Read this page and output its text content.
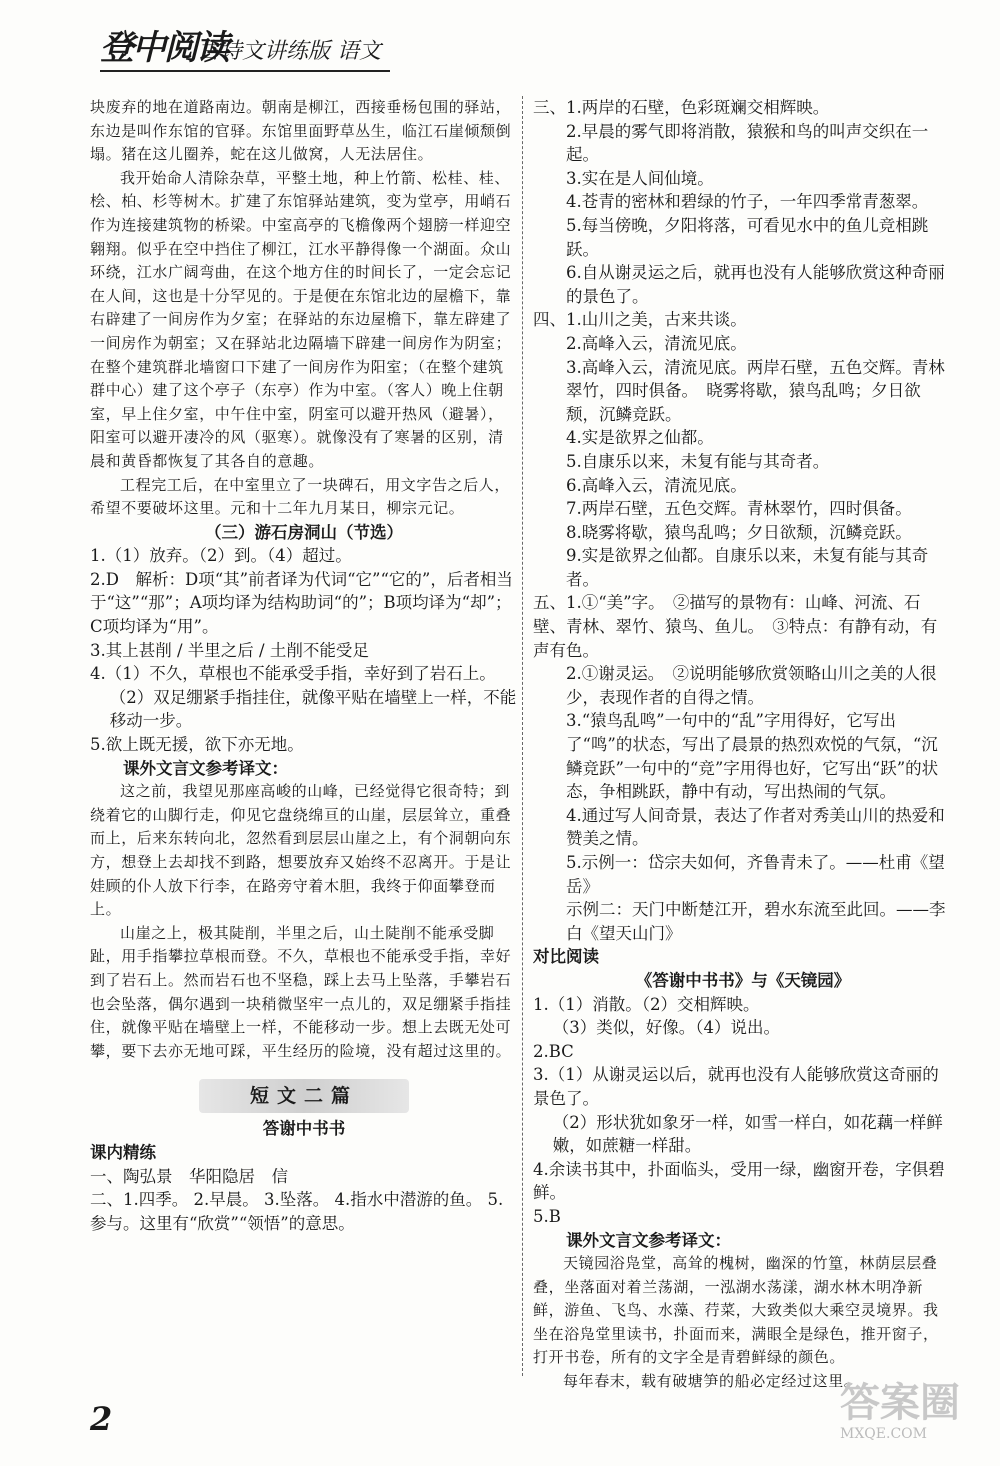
登中阅读
古诗文讲练版 语文
块废弃的地在道路南边。朝南是柳江，西接垂杨包围的驿站，东边是叫作东馆的官驿。东馆里面野草丛生，临江石崖倾颓倒塌。猪在这儿圈养，蛇在这儿做窝，人无法居住。
我开始命人清除杂草，平整土地，种上竹箭、松桂、桂、桧、柏、杉等树木。扩建了东馆驿站建筑，变为堂亭，用峭石作为连接建筑物的桥梁。中室高亭的飞檐像两个翅膀一样迎空翱翔。似乎在空中挡住了柳江，江水平静得像一个湖面。众山环绕，江水广阔弯曲，在这个地方住的时间长了，一定会忘记在人间，这也是十分罕见的。于是便在东馆北边的屋檐下，靠右辟建了一间房作为夕室；在驿站的东边屋檐下，靠左辟建了一间房作为朝室；又在驿站北边隔墙下辟建一间房作为阴室；在整个建筑群北墙窗口下建了一间房作为阳室；（在整个建筑群中心）建了这个亭子（东亭）作为中室。（客人）晚上住朝室，早上住夕室，中午住中室，阴室可以避开热风（避暑），阳室可以避开凄冷的风（驱寒）。就像没有了寒暑的区别，清晨和黄昏都恢复了其各自的意趣。
工程完工后，在中室里立了一块碑石，用文字告之后人，希望不要破坏这里。元和十二年九月某日，柳宗元记。
（三）游石房洞山（节选）
1.（1）放弃。（2）到。（4）超过。
2.D　解析：D项“其”前者译为代词“它”“它的”，后者相当于“这”“那”；A项均译为结构助词“的”；B项均译为“却”；C项均译为“用”。
3.其上甚削 / 半里之后 / 土削不能受足
4.（1）不久，草根也不能承受手指，幸好到了岩石上。
（2）双足绷紧手指挂住，就像平贴在墙壁上一样，不能移动一步。
5.欲上既无援，欲下亦无地。
课外文言文参考译文：
这之前，我望见那座高峻的山峰，已经觉得它很奇特；到绕着它的山脚行走，仰见它盘绕绵亘的山崖，层层耸立，重叠而上，后来东转向北，忽然看到层层山崖之上，有个洞朝向东方，想登上去却找不到路，想要放弃又始终不忍离开。于是让娃顾的仆人放下行李，在路旁守着木胆，我终于仰面攀登而上。
山崖之上，极其陡削，半里之后，山土陡削不能承受脚趾，用手指攀拉草根而登。不久，草根也不能承受手指，幸好到了岩石上。然而岩石也不坚稳，踩上去马上坠落，手攀岩石也会坠落，偶尔遇到一块稍微坚牢一点儿的，双足绷紧手指挂住，就像平贴在墙壁上一样，不能移动一步。想上去既无处可攀，要下去亦无地可踩，平生经历的险境，没有超过这里的。
短文二篇
答谢中书书
课内精练
一、陶弘景　华阳隐居　信
二、1.四季。 2.早晨。 3.坠落。 4.指水中潜游的鱼。 5.参与。这里有“欣赏”“领悟”的意思。
三、1.两岸的石壁，色彩斑斓交相辉映。
2.早晨的雾气即将消散，猿猴和鸟的叫声交织在一起。
3.实在是人间仙境。
4.苍青的密林和碧绿的竹子，一年四季常青葱翠。
5.每当傍晚，夕阳将落，可看见水中的鱼儿竞相跳跃。
6.自从谢灵运之后，就再也没有人能够欣赏这种奇丽的景色了。
四、1.山川之美，古来共谈。
2.高峰入云，清流见底。
3.高峰入云，清流见底。两岸石壁，五色交辉。青林翠竹，四时俱备。　晓雾将歇，猿鸟乱鸣；夕日欲颓，沉鳞竞跃。
4.实是欲界之仙都。
5.自康乐以来，未复有能与其奇者。
6.高峰入云，清流见底。
7.两岸石壁，五色交辉。青林翠竹，四时俱备。
8.晓雾将歇，猿鸟乱鸣；夕日欲颓，沉鳞竞跃。
9.实是欲界之仙都。自康乐以来，未复有能与其奇者。
五、1.①“美”字。　②描写的景物有：山峰、河流、石壁、青林、翠竹、猿鸟、鱼儿。　③特点：有静有动，有声有色。
2.①谢灵运。　②说明能够欣赏领略山川之美的人很少，表现作者的自得之情。
3.“猿鸟乱鸣”一句中的“乱”字用得好，它写出了“鸣”的状态，写出了晨景的热烈欢悦的气氛，“沉鳞竞跃”一句中的“竞”字用得也好，它写出“跃”的状态，争相跳跃，静中有动，写出热闹的气氛。
4.通过写人间奇景，表达了作者对秀美山川的热爱和赞美之情。
5.示例一：岱宗夫如何，齐鲁青未了。——杜甫《望岳》
示例二：天门中断楚江开，碧水东流至此回。——李白《望天山门》
对比阅读
《答谢中书书》与《天镜园》
1.（1）消散。（2）交相辉映。
（3）类似，好像。（4）说出。
2.BC
3.（1）从谢灵运以后，就再也没有人能够欣赏这奇丽的景色了。
（2）形状犹如象牙一样，如雪一样白，如花藕一样鲜嫩，如蔗糖一样甜。
4.余读书其中，扑面临头，受用一绿，幽窗开卷，字俱碧鲜。
5.B
课外文言文参考译文：
天镜园浴凫堂，高耸的槐树，幽深的竹篁，林荫层层叠叠，坐落面对着兰荡湖，一泓湖水荡漾，湖水林木明净新鲜，游鱼、飞鸟、水藻、荇菜，大致类似大乘空灵境界。我坐在浴凫堂里读书，扑面而来，满眼全是绿色，推开窗子，打开书卷，所有的文字全是青碧鲜绿的颜色。
每年春末，载有破塘笋的船必定经过这里。
2	答案圈
MXQE.COM
